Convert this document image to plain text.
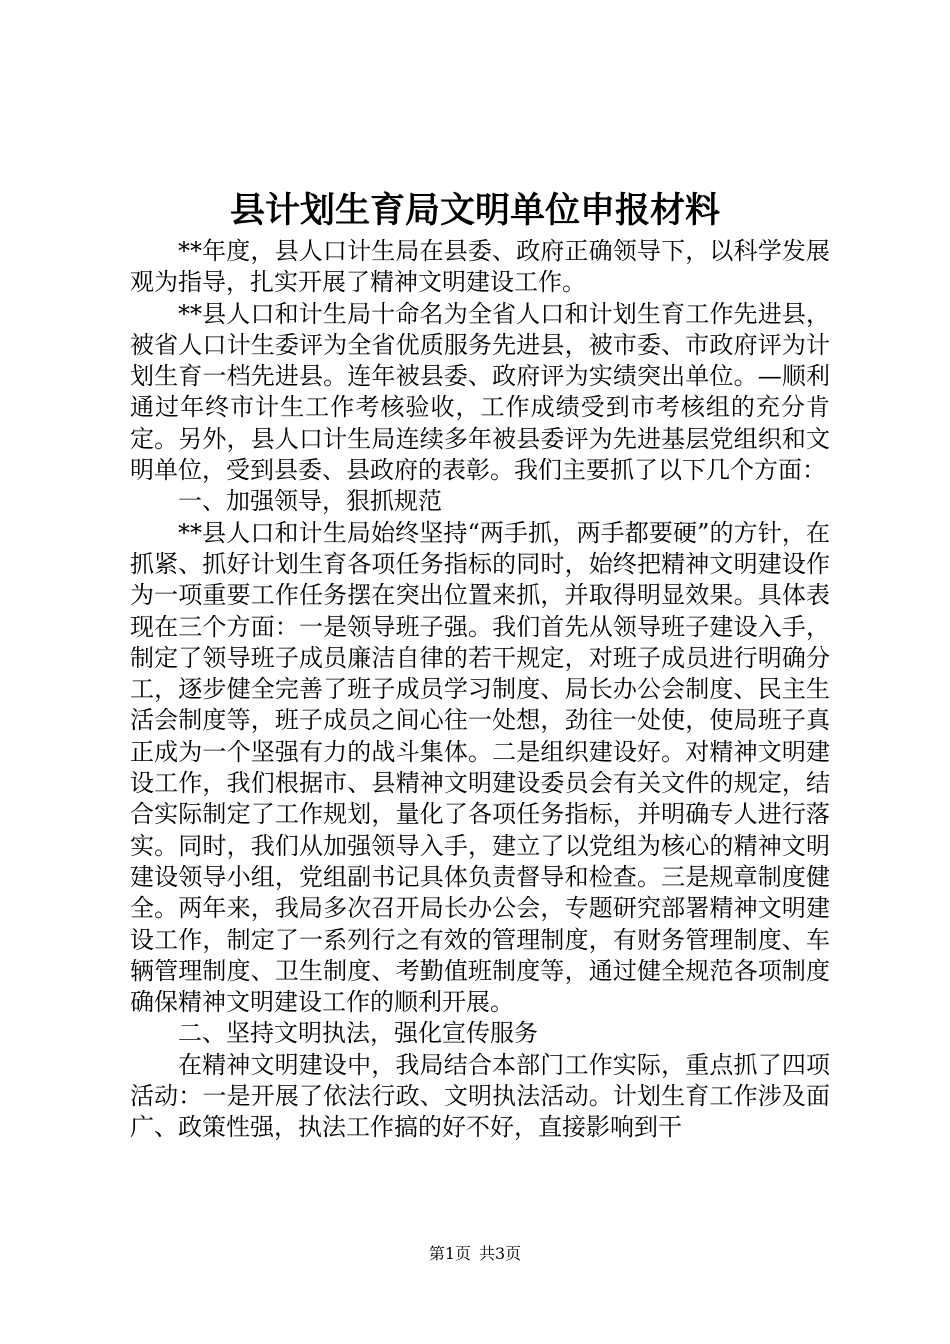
县计划生育局文明单位申报材料

**年度，县人口计生局在县委、政府正确领导下，以科学发展观为指导，扎实开展了精神文明建设工作。

**县人口和计生局十命名为全省人口和计划生育工作先进县，被省人口计生委评为全省优质服务先进县，被市委、市政府评为计划生育一档先进县。连年被县委、政府评为实绩突出单位。—顺利通过年终市计生工作考核验收，工作成绩受到市考核组的充分肯定。另外，县人口计生局连续多年被县委评为先进基层党组织和文明单位，受到县委、县政府的表彰。我们主要抓了以下几个方面：

一、加强领导，狠抓规范

**县人口和计生局始终坚持“两手抓，两手都要硬”的方针，在抓紧、抓好计划生育各项任务指标的同时，始终把精神文明建设作为一项重要工作任务摆在突出位置来抓，并取得明显效果。具体表现在三个方面：一是领导班子强。我们首先从领导班子建设入手，制定了领导班子成员廉洁自律的若干规定，对班子成员进行明确分工，逐步健全完善了班子成员学习制度、局长办公会制度、民主生活会制度等，班子成员之间心往一处想，劲往一处使，使局班子真正成为一个坚强有力的战斗集体。二是组织建设好。对精神文明建设工作，我们根据市、县精神文明建设委员会有关文件的规定，结合实际制定了工作规划，量化了各项任务指标，并明确专人进行落实。同时，我们从加强领导入手，建立了以党组为核心的精神文明建设领导小组，党组副书记具体负责督导和检查。三是规章制度健全。两年来，我局多次召开局长办公会，专题研究部署精神文明建设工作，制定了一系列行之有效的管理制度，有财务管理制度、车辆管理制度、卫生制度、考勤值班制度等，通过健全规范各项制度确保精神文明建设工作的顺利开展。

二、坚持文明执法，强化宣传服务

在精神文明建设中，我局结合本部门工作实际，重点抓了四项活动：一是开展了依法行政、文明执法活动。计划生育工作涉及面广、政策性强，执法工作搞的好不好，直接影响到干

第1页 共3页
